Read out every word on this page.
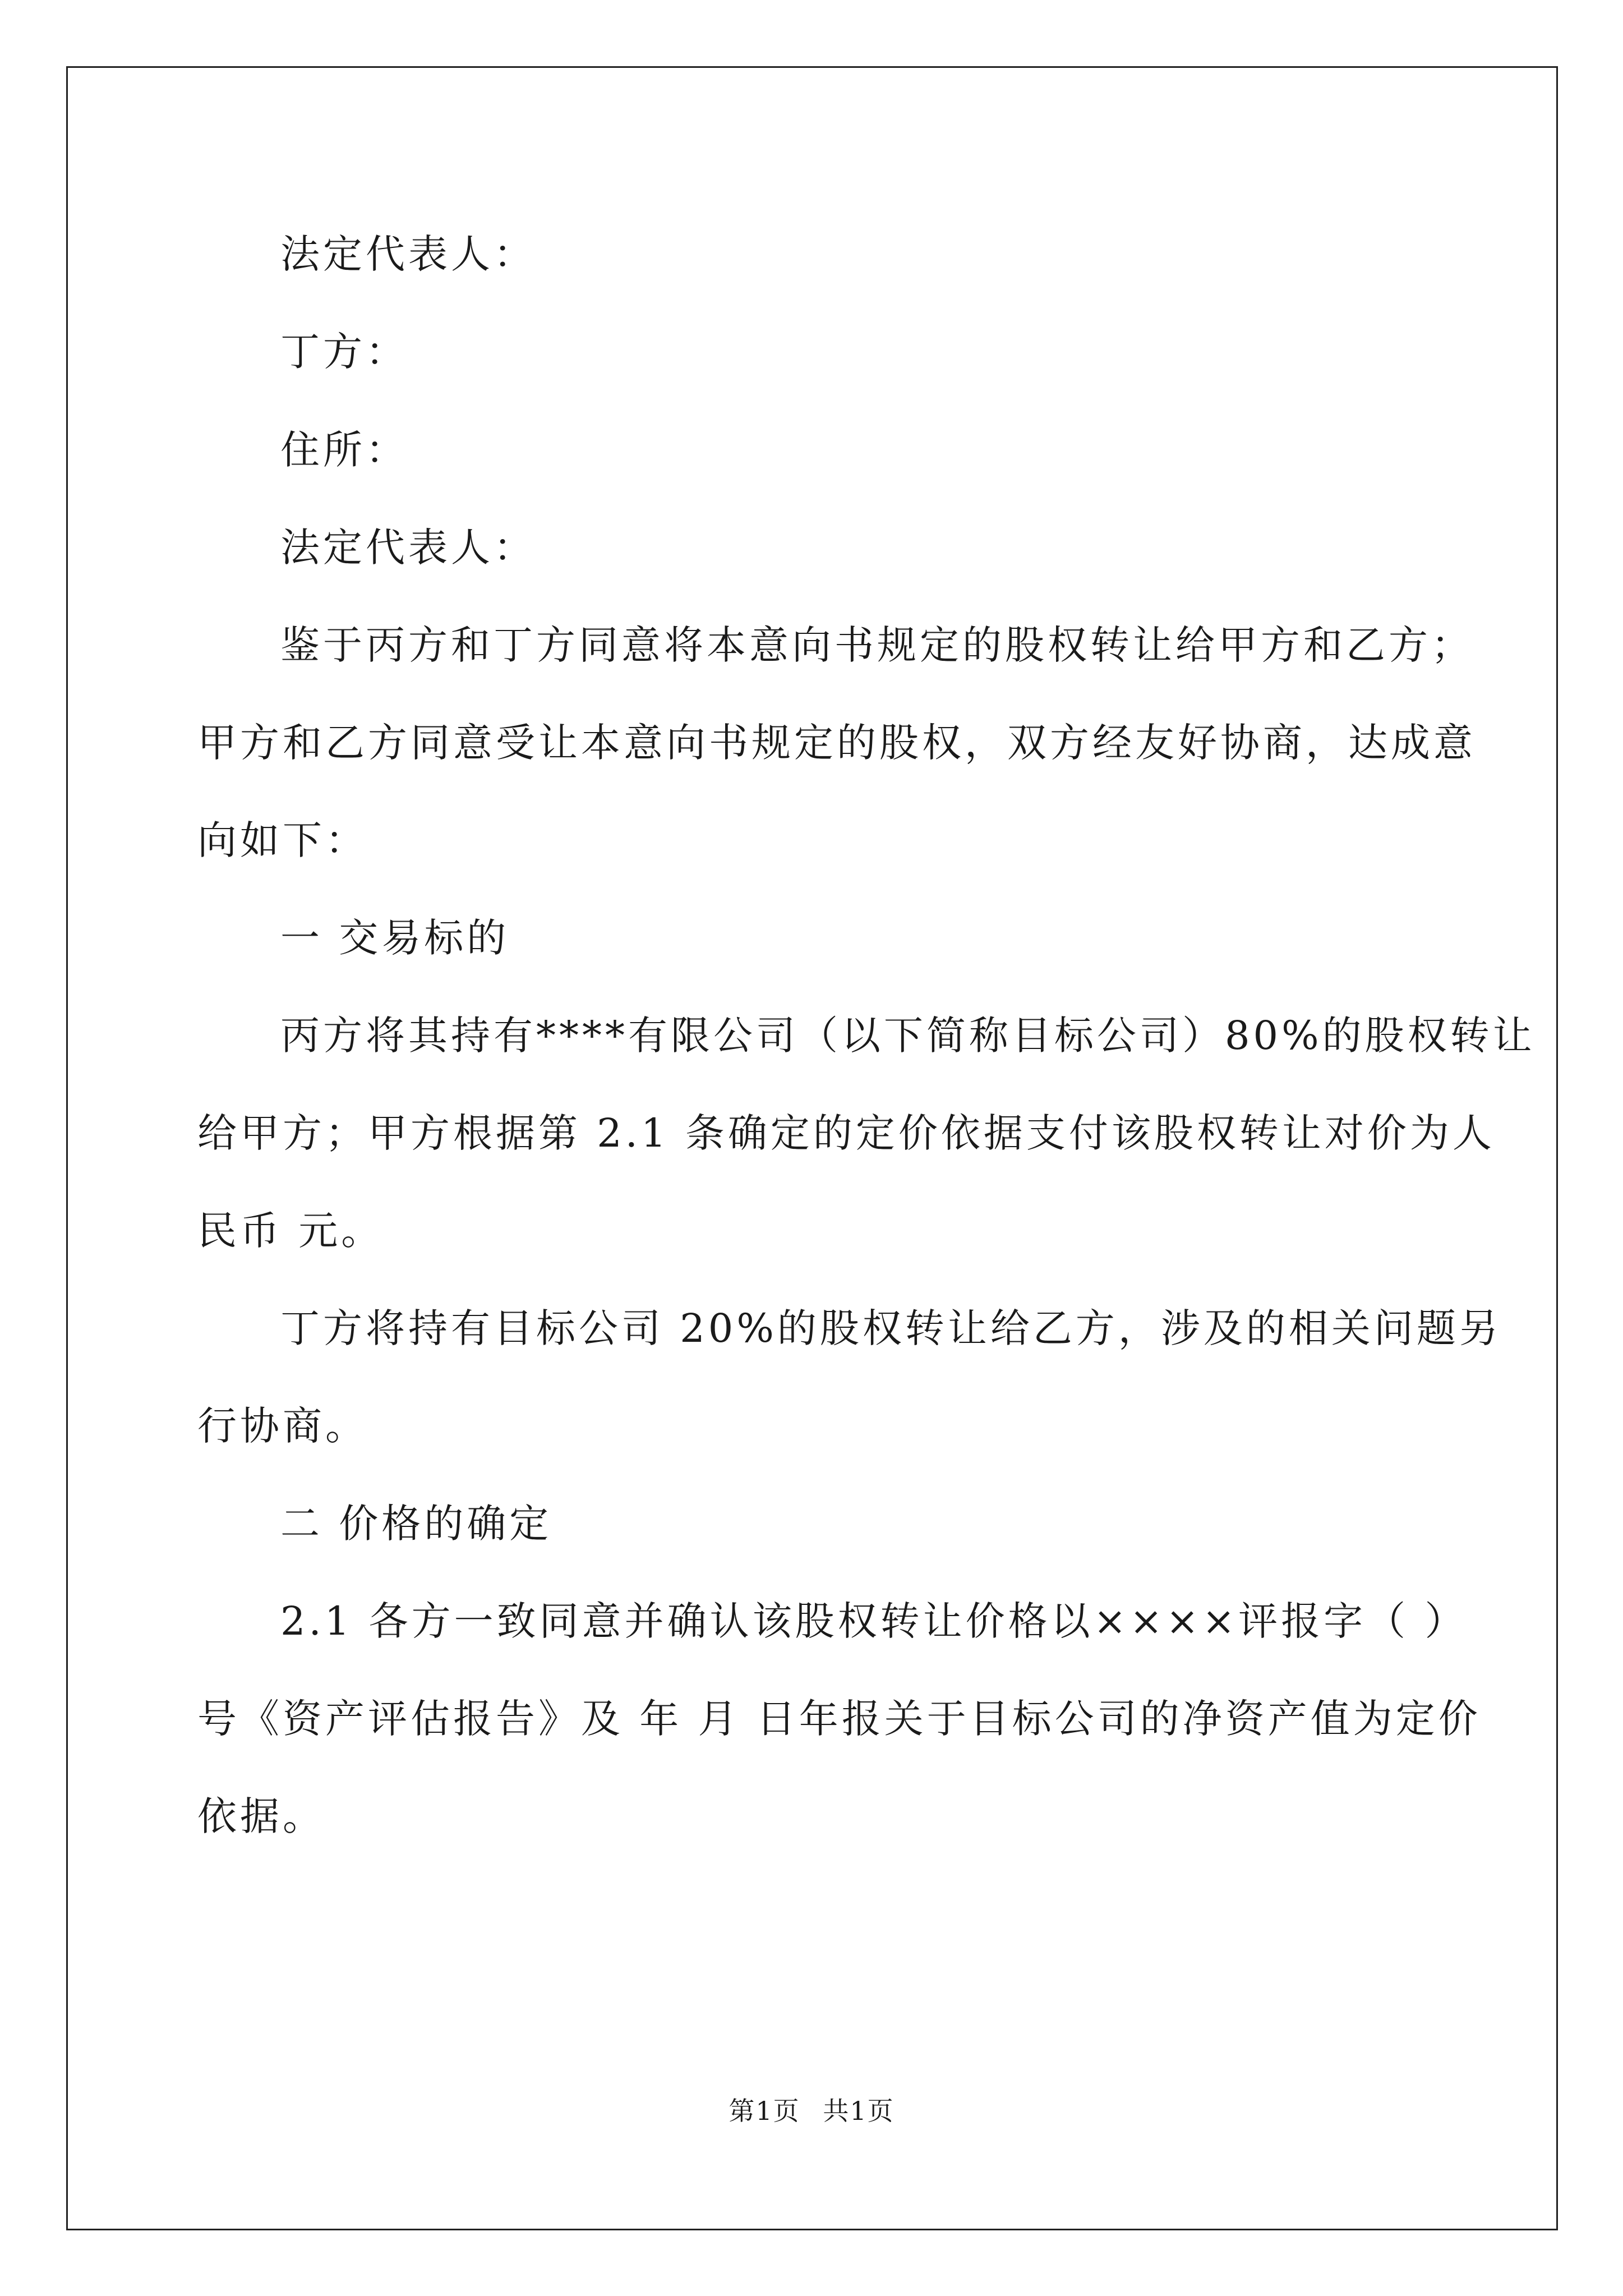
法定代表人：
丁方：
住所：
法定代表人：
鉴于丙方和丁方同意将本意向书规定的股权转让给甲方和乙方；
甲方和乙方同意受让本意向书规定的股权，双方经友好协商，达成意
向如下：
一 交易标的
丙方将其持有****有限公司（以下简称目标公司）80%的股权转让
给甲方；甲方根据第 2.1 条确定的定价依据支付该股权转让对价为人
民币 元。
丁方将持有目标公司 20%的股权转让给乙方，涉及的相关问题另
行协商。
二 价格的确定
2.1 各方一致同意并确认该股权转让价格以××××评报字（ ）
号《资产评估报告》及 年 月 日年报关于目标公司的净资产值为定价
依据。
第1页 共1页
